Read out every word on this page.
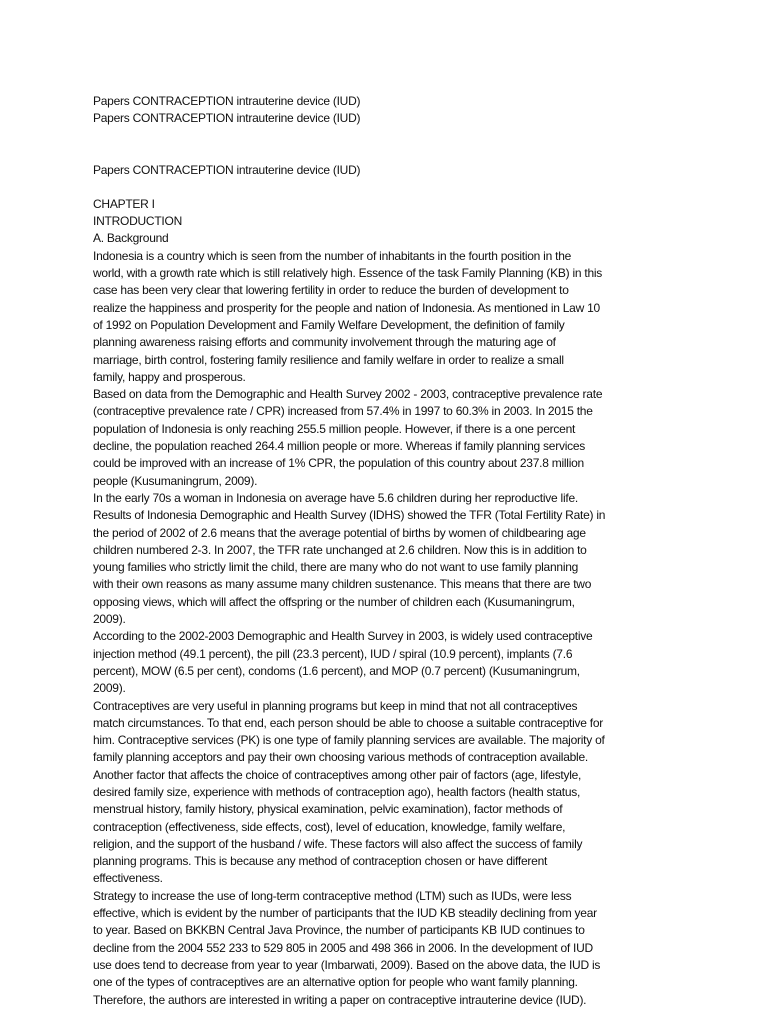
Papers CONTRACEPTION intrauterine device (IUD)

Papers CONTRACEPTION intrauterine device (IUD)

Papers CONTRACEPTION intrauterine device (IUD)

CHAPTER I

INTRODUCTION

A. Background

Indonesia is a country which is seen from the number of inhabitants in the fourth position in the

world, with a growth rate which is still relatively high. Essence of the task Family Planning (KB) in this

case has been very clear that lowering fertility in order to reduce the burden of development to

realize the happiness and prosperity for the people and nation of Indonesia. As mentioned in Law 10

of 1992 on Population Development and Family Welfare Development, the definition of family

planning awareness raising efforts and community involvement through the maturing age of

marriage, birth control, fostering family resilience and family welfare in order to realize a small

family, happy and prosperous.

Based on data from the Demographic and Health Survey 2002 - 2003, contraceptive prevalence rate

(contraceptive prevalence rate / CPR) increased from 57.4% in 1997 to 60.3% in 2003. In 2015 the

population of Indonesia is only reaching 255.5 million people. However, if there is a one percent

decline, the population reached 264.4 million people or more. Whereas if family planning services

could be improved with an increase of 1% CPR, the population of this country about 237.8 million

people (Kusumaningrum, 2009).

In the early 70s a woman in Indonesia on average have 5.6 children during her reproductive life.

Results of Indonesia Demographic and Health Survey (IDHS) showed the TFR (Total Fertility Rate) in

the period of 2002 of 2.6 means that the average potential of births by women of childbearing age

children numbered 2-3. In 2007, the TFR rate unchanged at 2.6 children. Now this is in addition to

young families who strictly limit the child, there are many who do not want to use family planning

with their own reasons as many assume many children sustenance. This means that there are two

opposing views, which will affect the offspring or the number of children each (Kusumaningrum,

2009).

According to the 2002-2003 Demographic and Health Survey in 2003, is widely used contraceptive

injection method (49.1 percent), the pill (23.3 percent), IUD / spiral (10.9 percent), implants (7.6

percent), MOW (6.5 per cent), condoms (1.6 percent), and MOP (0.7 percent) (Kusumaningrum,

2009).

Contraceptives are very useful in planning programs but keep in mind that not all contraceptives

match circumstances. To that end, each person should be able to choose a suitable contraceptive for

him. Contraceptive services (PK) is one type of family planning services are available. The majority of

family planning acceptors and pay their own choosing various methods of contraception available.

Another factor that affects the choice of contraceptives among other pair of factors (age, lifestyle,

desired family size, experience with methods of contraception ago), health factors (health status,

menstrual history, family history, physical examination, pelvic examination), factor methods of

contraception (effectiveness, side effects, cost), level of education, knowledge, family welfare,

religion, and the support of the husband / wife. These factors will also affect the success of family

planning programs. This is because any method of contraception chosen or have different

effectiveness.

Strategy to increase the use of long-term contraceptive method (LTM) such as IUDs, were less

effective, which is evident by the number of participants that the IUD KB steadily declining from year

to year. Based on BKKBN Central Java Province, the number of participants KB IUD continues to

decline from the 2004 552 233 to 529 805 in 2005 and 498 366 in 2006. In the development of IUD

use does tend to decrease from year to year (Imbarwati, 2009). Based on the above data, the IUD is

one of the types of contraceptives are an alternative option for people who want family planning.

Therefore, the authors are interested in writing a paper on contraceptive intrauterine device (IUD).
